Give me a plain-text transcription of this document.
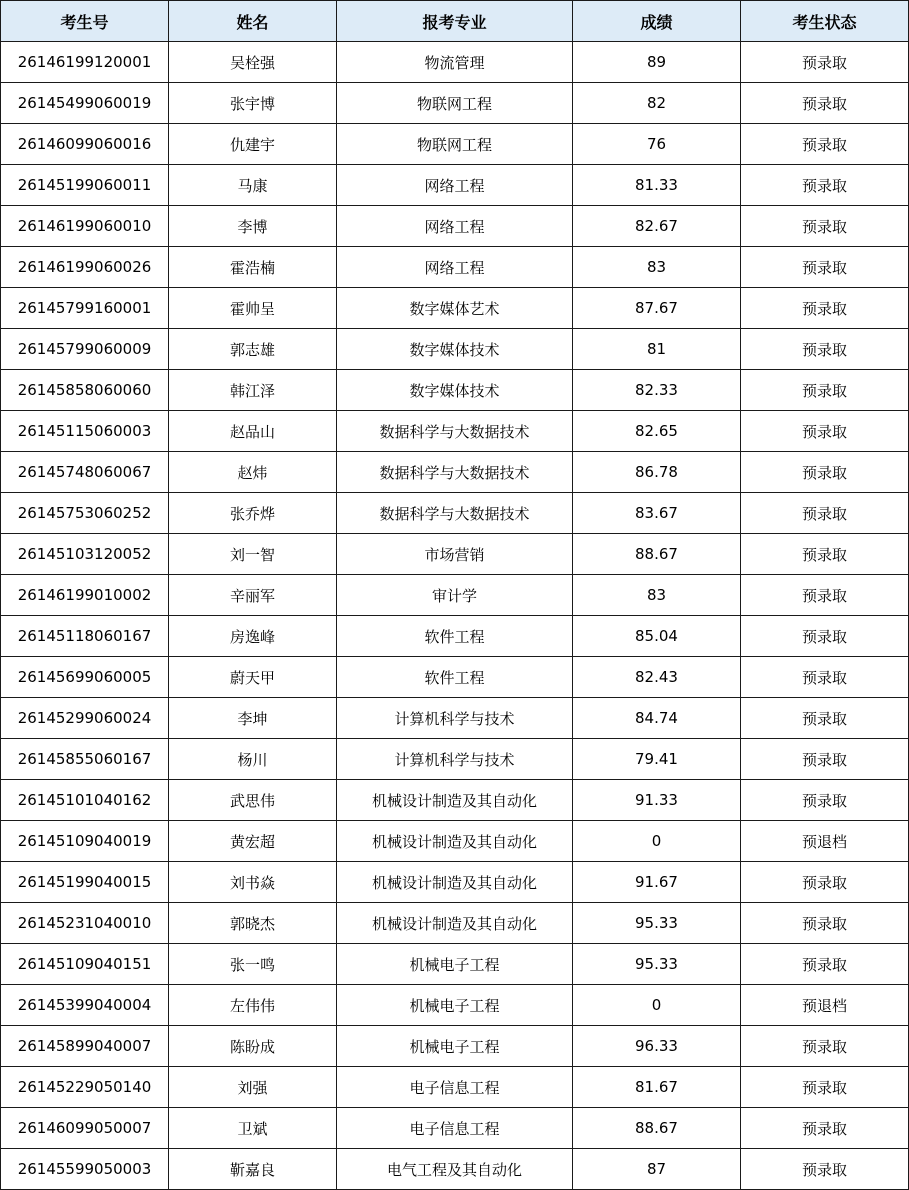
考生号	姓名	报考专业	成绩	考生状态
26146199120001	吴栓强	物流管理	89	预录取
26145499060019	张宇博	物联网工程	82	预录取
26146099060016	仇建宇	物联网工程	76	预录取
26145199060011	马康	网络工程	81.33	预录取
26146199060010	李博	网络工程	82.67	预录取
26146199060026	霍浩楠	网络工程	83	预录取
26145799160001	霍帅呈	数字媒体艺术	87.67	预录取
26145799060009	郭志雄	数字媒体技术	81	预录取
26145858060060	韩江泽	数字媒体技术	82.33	预录取
26145115060003	赵品山	数据科学与大数据技术	82.65	预录取
26145748060067	赵炜	数据科学与大数据技术	86.78	预录取
26145753060252	张乔烨	数据科学与大数据技术	83.67	预录取
26145103120052	刘一智	市场营销	88.67	预录取
26146199010002	辛丽军	审计学	83	预录取
26145118060167	房逸峰	软件工程	85.04	预录取
26145699060005	蔚天甲	软件工程	82.43	预录取
26145299060024	李坤	计算机科学与技术	84.74	预录取
26145855060167	杨川	计算机科学与技术	79.41	预录取
26145101040162	武思伟	机械设计制造及其自动化	91.33	预录取
26145109040019	黄宏超	机械设计制造及其自动化	0	预退档
26145199040015	刘书焱	机械设计制造及其自动化	91.67	预录取
26145231040010	郭晓杰	机械设计制造及其自动化	95.33	预录取
26145109040151	张一鸣	机械电子工程	95.33	预录取
26145399040004	左伟伟	机械电子工程	0	预退档
26145899040007	陈盼成	机械电子工程	96.33	预录取
26145229050140	刘强	电子信息工程	81.67	预录取
26146099050007	卫斌	电子信息工程	88.67	预录取
26145599050003	靳嘉良	电气工程及其自动化	87	预录取
